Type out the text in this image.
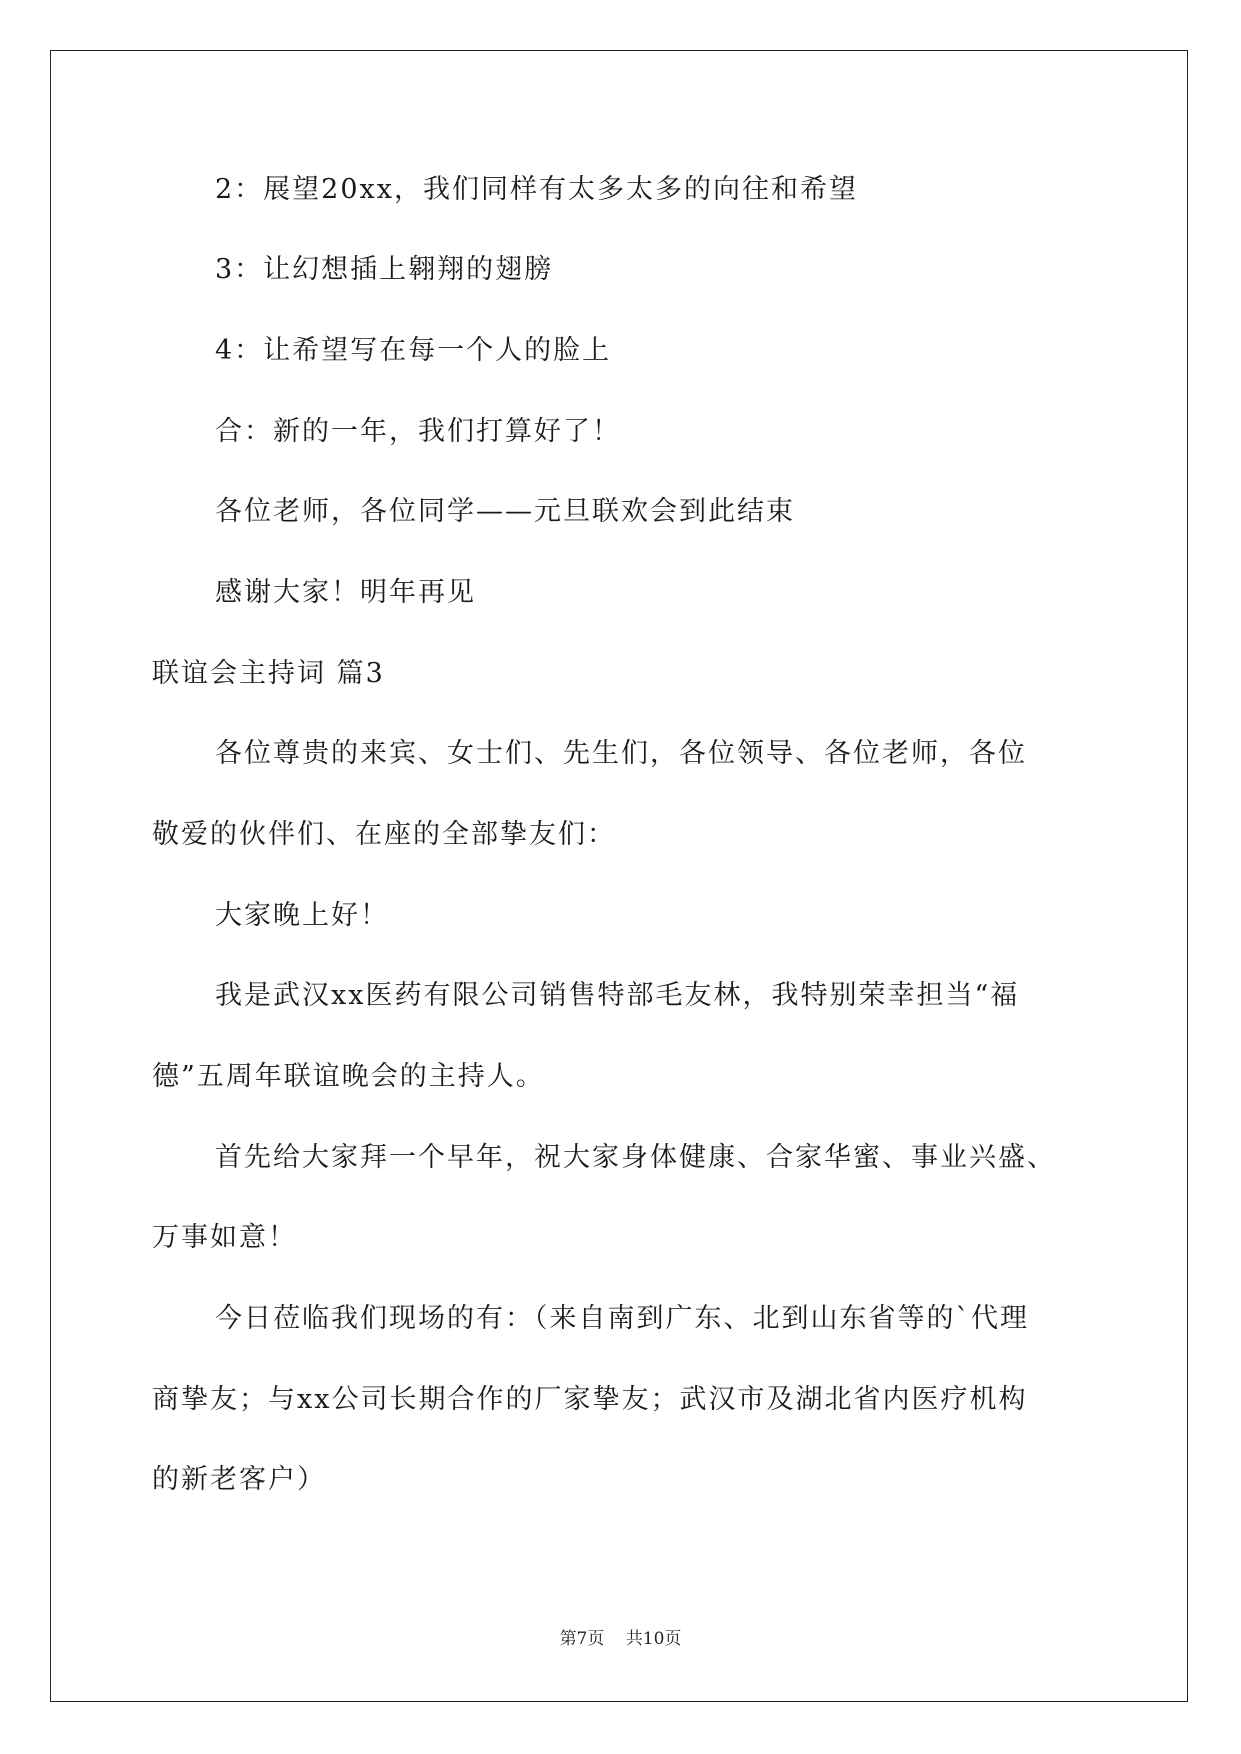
2：展望20xx，我们同样有太多太多的向往和希望
3：让幻想插上翱翔的翅膀
4：让希望写在每一个人的脸上
合：新的一年，我们打算好了！
各位老师，各位同学——元旦联欢会到此结束
感谢大家！明年再见
联谊会主持词 篇3
各位尊贵的来宾、女士们、先生们，各位领导、各位老师，各位
敬爱的伙伴们、在座的全部挚友们：
大家晚上好！
我是武汉xx医药有限公司销售特部毛友林，我特别荣幸担当“福
德”五周年联谊晚会的主持人。
首先给大家拜一个早年，祝大家身体健康、合家华蜜、事业兴盛、
万事如意！
今日莅临我们现场的有：（来自南到广东、北到山东省等的`代理
商挚友；与xx公司长期合作的厂家挚友；武汉市及湖北省内医疗机构
的新老客户）
第7页 共10页
